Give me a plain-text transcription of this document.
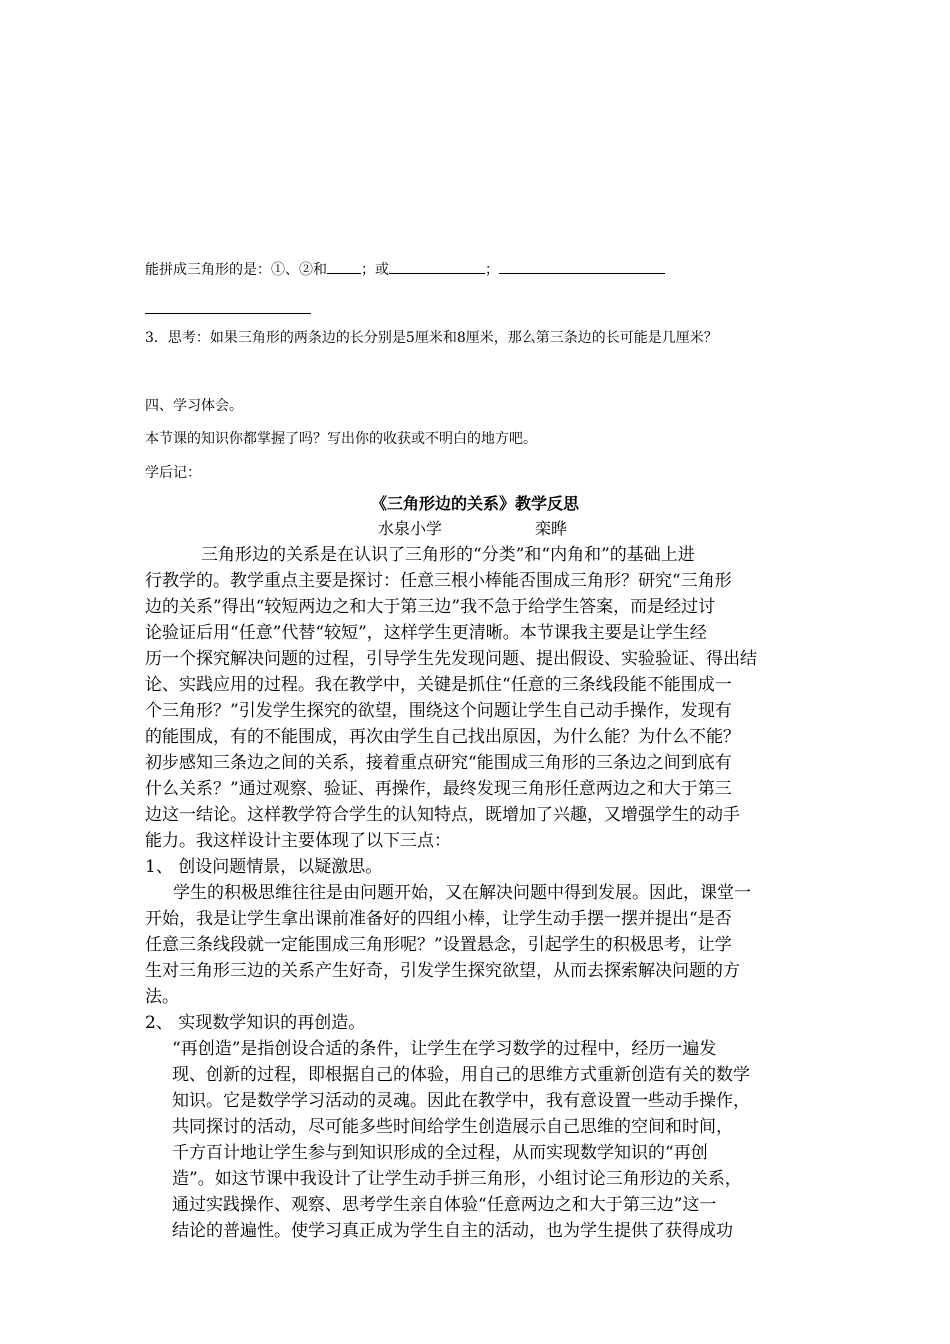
能拼成三角形的是：①、②和 ；或	；
3．思考：如果三角形的两条边的长分别是5厘米和8厘米，那么第三条边的长可能是几厘米？
四、学习体会。
本节课的知识你都掌握了吗？写出你的收获或不明白的地方吧。
学后记：
《三角形边的关系》教学反思
水泉小学	栾晔
三角形边的关系是在认识了三角形的“分类”和“内角和”的基础上进
行教学的。教学重点主要是探讨：任意三根小棒能否围成三角形？研究“三角形
边的关系”得出“较短两边之和大于第三边”我不急于给学生答案，而是经过讨
论验证后用“任意”代替“较短”，这样学生更清晰。本节课我主要是让学生经
历一个探究解决问题的过程，引导学生先发现问题、提出假设、实验验证、得出结
论、实践应用的过程。我在教学中，关键是抓住“任意的三条线段能不能围成一
个三角形？”引发学生探究的欲望，围绕这个问题让学生自己动手操作，发现有
的能围成，有的不能围成，再次由学生自己找出原因，为什么能？为什么不能？
初步感知三条边之间的关系，接着重点研究“能围成三角形的三条边之间到底有
什么关系？”通过观察、验证、再操作，最终发现三角形任意两边之和大于第三
边这一结论。这样教学符合学生的认知特点，既增加了兴趣，又增强学生的动手
能力。我这样设计主要体现了以下三点：
1、 创设问题情景，以疑激思。
学生的积极思维往往是由问题开始，又在解决问题中得到发展。因此，课堂一
开始，我是让学生拿出课前准备好的四组小棒，让学生动手摆一摆并提出“是否
任意三条线段就一定能围成三角形呢？”设置悬念，引起学生的积极思考，让学
生对三角形三边的关系产生好奇，引发学生探究欲望，从而去探索解决问题的方
法。
2、 实现数学知识的再创造。
“再创造”是指创设合适的条件，让学生在学习数学的过程中，经历一遍发
现、创新的过程，即根据自己的体验，用自己的思维方式重新创造有关的数学
知识。它是数学学习活动的灵魂。因此在教学中，我有意设置一些动手操作，
共同探讨的活动，尽可能多些时间给学生创造展示自己思维的空间和时间，
千方百计地让学生参与到知识形成的全过程，从而实现数学知识的“再创
造”。如这节课中我设计了让学生动手拼三角形，小组讨论三角形边的关系，
通过实践操作、观察、思考学生亲自体验“任意两边之和大于第三边”这一
结论的普遍性。使学习真正成为学生自主的活动，也为学生提供了获得成功
